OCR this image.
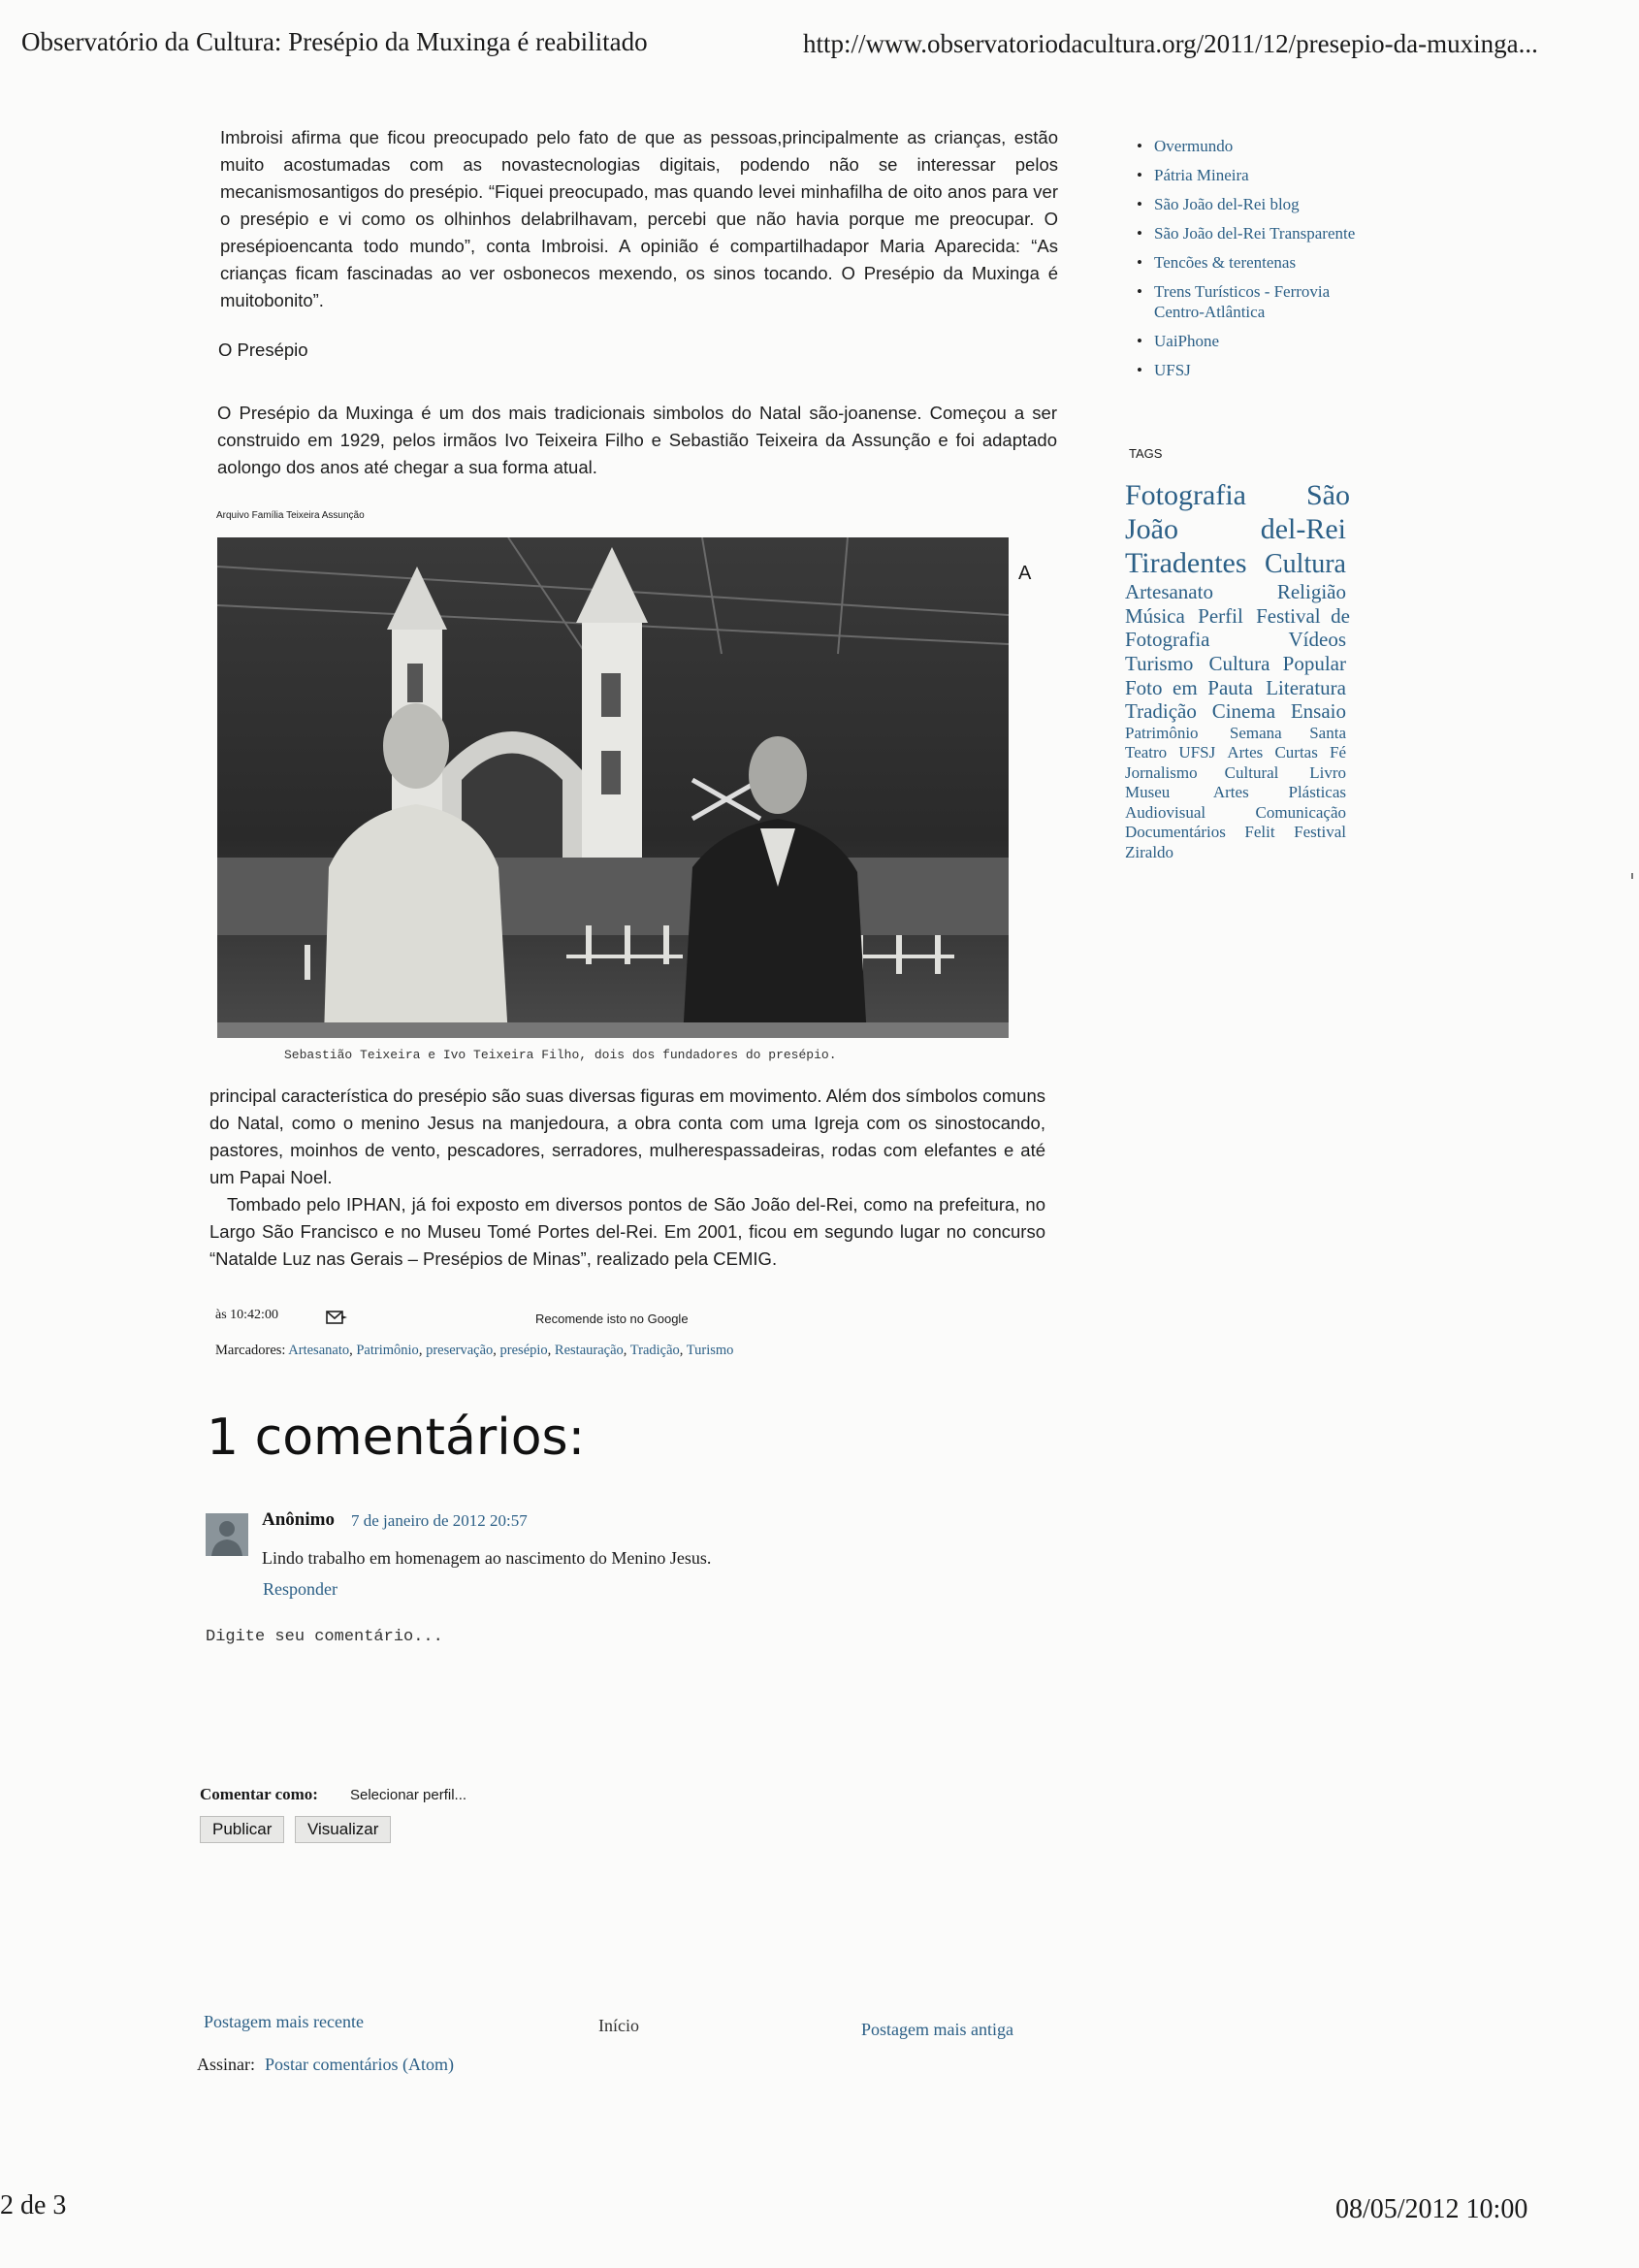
Observatório da Cultura: Presépio da Muxinga é reabilitado	http://www.observatoriodacultura.org/2011/12/presepio-da-muxinga...
Imbroisi afirma que ficou preocupado pelo fato de que as pessoas,principalmente as crianças, estão muito acostumadas com as novastecnologias digitais, podendo não se interessar pelos mecanismosantigos do presépio. “Fiquei preocupado, mas quando levei minhafilha de oito anos para ver o presépio e vi como os olhinhos delabrilhavam, percebi que não havia porque me preocupar. O presépioencanta todo mundo”, conta Imbroisi. A opinião é compartilhadapor Maria Aparecida: “As crianças ficam fascinadas ao ver osbonecos mexendo, os sinos tocando. O Presépio da Muxinga é muitobonito”.
O Presépio
O Presépio da Muxinga é um dos mais tradicionais simbolos do Natal são-joanense. Começou a ser construido em 1929, pelos irmãos Ivo Teixeira Filho e Sebastião Teixeira da Assunção e foi adaptado aolongo dos anos até chegar a sua forma atual.
Arquivo Família Teixeira Assunção
A
Sebastião Teixeira e Ivo Teixeira Filho, dois dos fundadores do presépio.
principal característica do presépio são suas diversas figuras em movimento. Além dos símbolos comuns do Natal, como o menino Jesus na manjedoura, a obra conta com uma Igreja com os sinostocando, pastores, moinhos de vento, pescadores, serradores, mulherespassadeiras, rodas com elefantes e até um Papai Noel.
Tombado pelo IPHAN, já foi exposto em diversos pontos de São João del-Rei, como na prefeitura, no Largo São Francisco e no Museu Tomé Portes del-Rei. Em 2001, ficou em segundo lugar no concurso “Natalde Luz nas Gerais – Presépios de Minas”, realizado pela CEMIG.
às 10:42:00	Recomende isto no Google
Marcadores: Artesanato, Patrimônio, preservação, presépio, Restauração, Tradição, Turismo
1 comentários:
Anônimo 7 de janeiro de 2012 20:57
Lindo trabalho em homenagem ao nascimento do Menino Jesus.
Responder
Digite seu comentário...
Comentar como: Selecionar perfil...
Publicar	Visualizar
Postagem mais recente	Início	Postagem mais antiga
Assinar: Postar comentários (Atom)
• Overmundo
• Pátria Mineira
• São João del-Rei blog
• São João del-Rei Transparente
• Tencões & terentenas
• Trens Turísticos - Ferrovia Centro-Atlântica
• UaiPhone
• UFSJ
TAGS
Fotografia São João del-Rei Tiradentes Cultura Artesanato	Religião Música Perfil Festival de Fotografia	Vídeos Turismo Cultura Popular Foto em Pauta Literatura Tradição Cinema Ensaio Patrimônio Semana Santa Teatro UFSJ Artes Curtas Fé Jornalismo Cultural Livro Museu	Artes Plásticas Audiovisual	Comunicação Documentários Felit Festival Ziraldo
2 de 3	08/05/2012 10:00
